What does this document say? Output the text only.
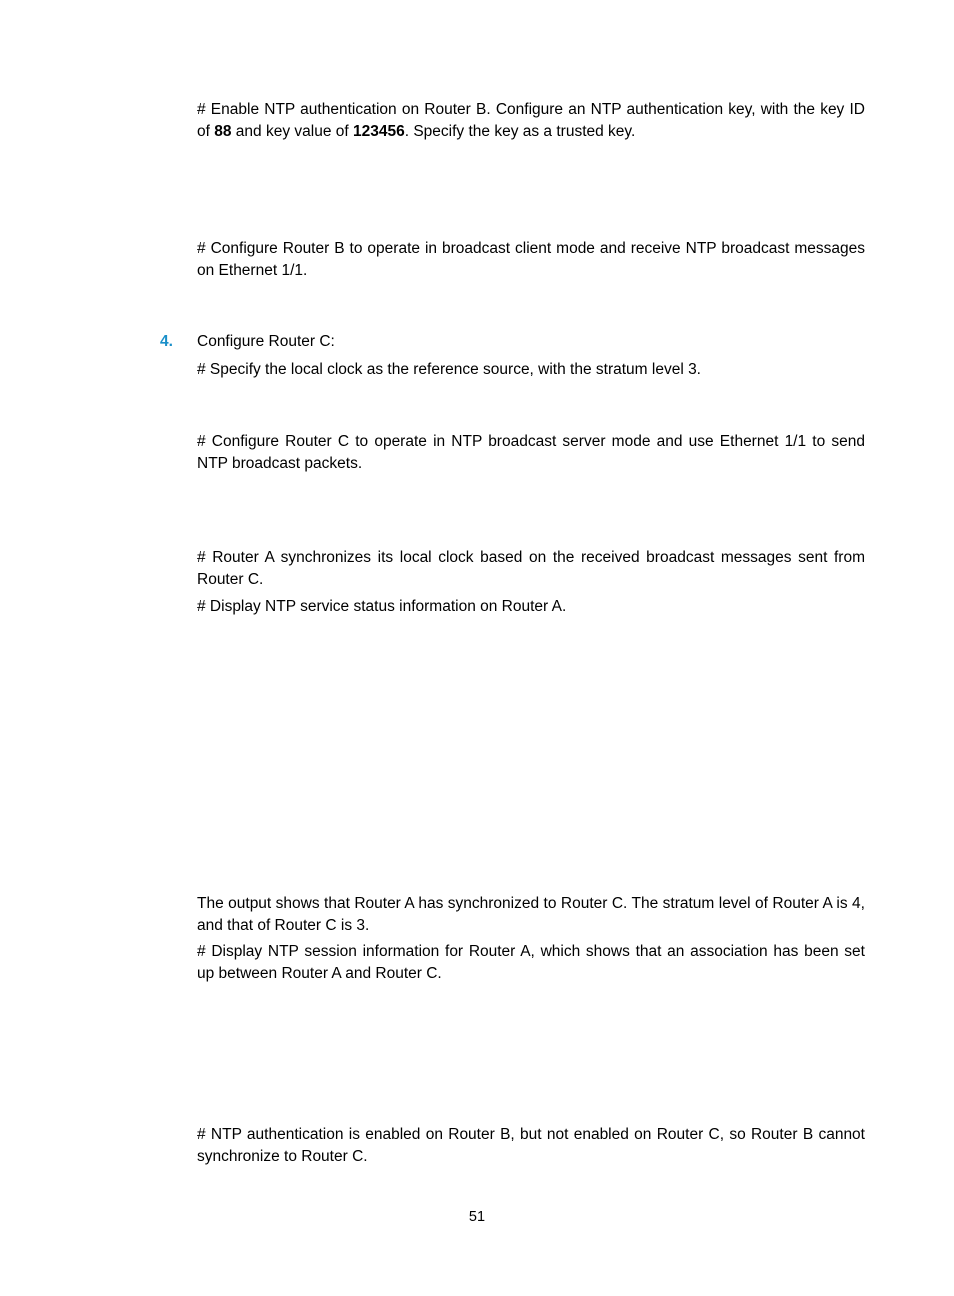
# Enable NTP authentication on Router B. Configure an NTP authentication key, with the key ID of 88 and key value of 123456. Specify the key as a trusted key.

# Configure Router B to operate in broadcast client mode and receive NTP broadcast messages on Ethernet 1/1.

4. Configure Router C:

# Specify the local clock as the reference source, with the stratum level 3.

# Configure Router C to operate in NTP broadcast server mode and use Ethernet 1/1 to send NTP broadcast packets.

# Router A synchronizes its local clock based on the received broadcast messages sent from Router C.

# Display NTP service status information on Router A.

The output shows that Router A has synchronized to Router C. The stratum level of Router A is 4, and that of Router C is 3.

# Display NTP session information for Router A, which shows that an association has been set up between Router A and Router C.

# NTP authentication is enabled on Router B, but not enabled on Router C, so Router B cannot synchronize to Router C.

51
